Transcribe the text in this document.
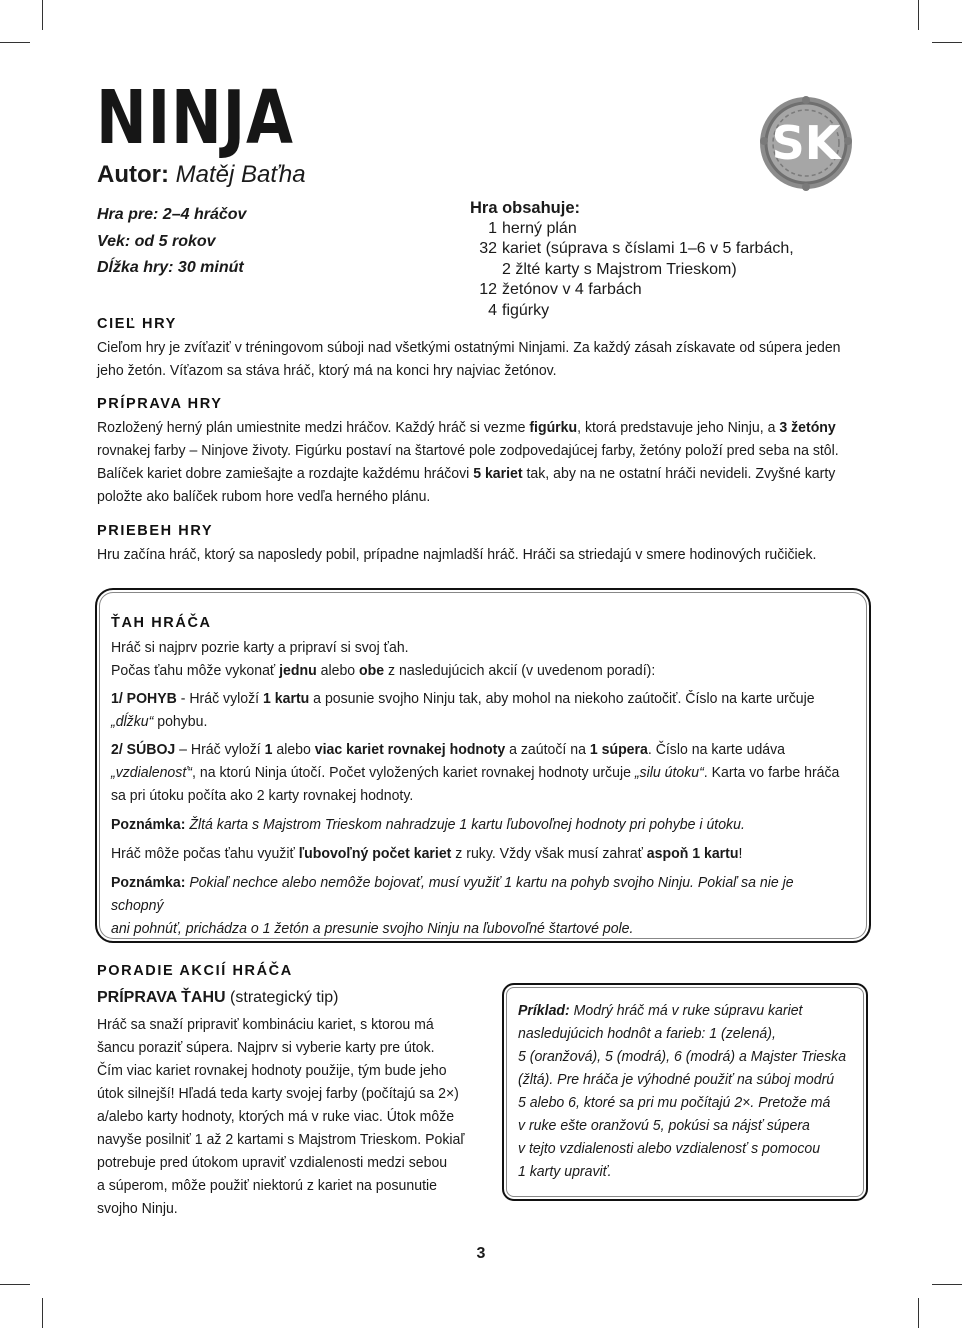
NINJA
Autor: Matěj Baťha
Hra pre: 2–4 hráčov
Vek: od 5 rokov
Dĺžka hry: 30 minút
SK
Hra obsahuje:
1 herný plán
32 kariet (súprava s číslami 1–6 v 5 farbách,
2 žlté karty s Majstrom Trieskom)
12 žetónov v 4 farbách
4 figúrky
CIEĽ HRY
Cieľom hry je zvíťaziť v tréningovom súboji nad všetkými ostatnými Ninjami. Za každý zásah získavate od súpera jeden
jeho žetón. Víťazom sa stáva hráč, ktorý má na konci hry najviac žetónov.
PRÍPRAVA HRY
Rozložený herný plán umiestnite medzi hráčov. Každý hráč si vezme figúrku, ktorá predstavuje jeho Ninju, a 3 žetóny
rovnakej farby – Ninjove životy. Figúrku postaví na štartové pole zodpovedajúcej farby, žetóny položí pred seba na stôl.
Balíček kariet dobre zamiešajte a rozdajte každému hráčovi 5 kariet tak, aby na ne ostatní hráči nevideli. Zvyšné karty
položte ako balíček rubom hore vedľa herného plánu.
PRIEBEH HRY
Hru začína hráč, ktorý sa naposledy pobil, prípadne najmladší hráč. Hráči sa striedajú v smere hodinových ručičiek.
ŤAH HRÁČA
Hráč si najprv pozrie karty a pripraví si svoj ťah.
Počas ťahu môže vykonať jednu alebo obe z nasledujúcich akcií (v uvedenom poradí):
1/ POHYB - Hráč vyloží 1 kartu a posunie svojho Ninju tak, aby mohol na niekoho zaútočiť. Číslo na karte určuje
„dĺžku“ pohybu.
2/ SÚBOJ – Hráč vyloží 1 alebo viac kariet rovnakej hodnoty a zaútočí na 1 súpera. Číslo na karte udáva
„vzdialenosť“, na ktorú Ninja útočí. Počet vyložených kariet rovnakej hodnoty určuje „silu útoku“. Karta vo farbe hráča
sa pri útoku počíta ako 2 karty rovnakej hodnoty.
Poznámka: Žltá karta s Majstrom Trieskom nahradzuje 1 kartu ľubovoľnej hodnoty pri pohybe i útoku.
Hráč môže počas ťahu využiť ľubovoľný počet kariet z ruky. Vždy však musí zahrať aspoň 1 kartu!
Poznámka: Pokiaľ nechce alebo nemôže bojovať, musí využiť 1 kartu na pohyb svojho Ninju. Pokiaľ sa nie je schopný
ani pohnúť, prichádza o 1 žetón a presunie svojho Ninju na ľubovoľné štartové pole.
PORADIE AKCIÍ HRÁČA
PRÍPRAVA ŤAHU (strategický tip)
Hráč sa snaží pripraviť kombináciu kariet, s ktorou má
šancu poraziť súpera. Najprv si vyberie karty pre útok.
Čím viac kariet rovnakej hodnoty použije, tým bude jeho
útok silnejší! Hľadá teda karty svojej farby (počítajú sa 2×)
a/alebo karty hodnoty, ktorých má v ruke viac. Útok môže
navyše posilniť 1 až 2 kartami s Majstrom Trieskom. Pokiaľ
potrebuje pred útokom upraviť vzdialenosti medzi sebou
a súperom, môže použiť niektorú z kariet na posunutie
svojho Ninju.
Príklad: Modrý hráč má v ruke súpravu kariet
nasledujúcich hodnôt a farieb: 1 (zelená),
5 (oranžová), 5 (modrá), 6 (modrá) a Majster Trieska
(žltá). Pre hráča je výhodné použiť na súboj modrú
5 alebo 6, ktoré sa pri mu počítajú 2×. Pretože má
v ruke ešte oranžovú 5, pokúsi sa nájsť súpera
v tejto vzdialenosti alebo vzdialenosť s pomocou
1 karty upraviť.
3
